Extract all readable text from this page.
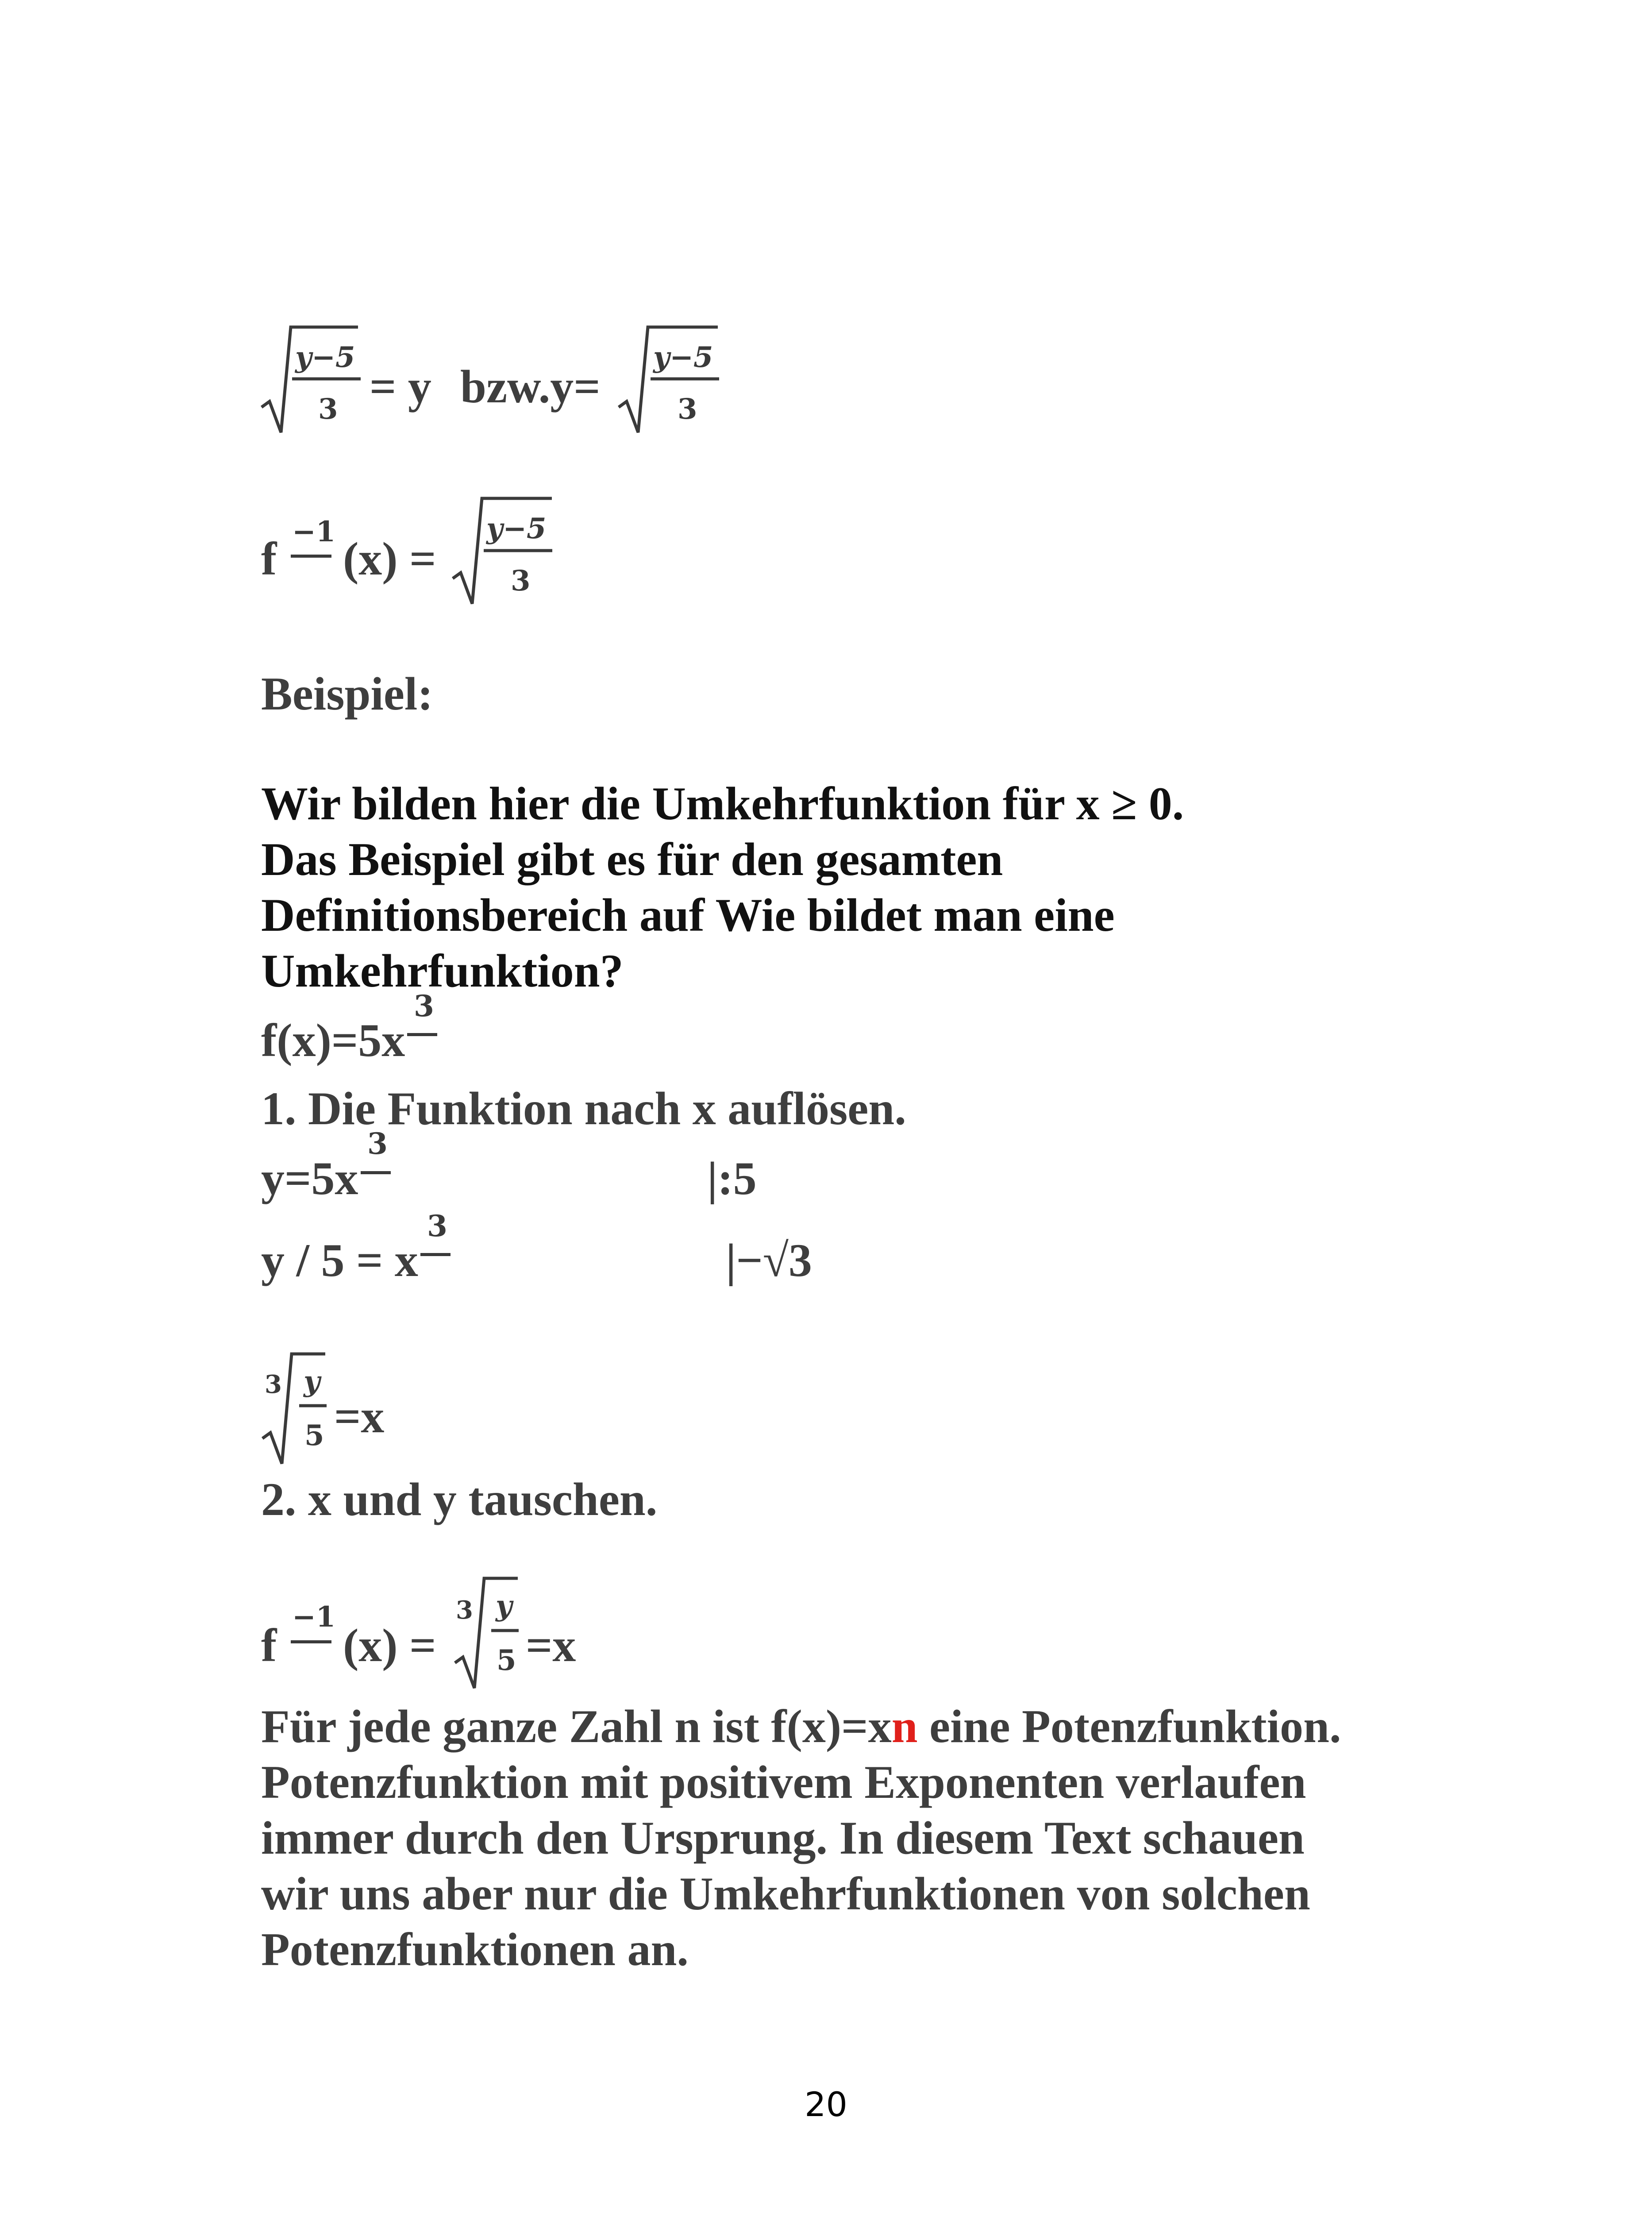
y−5
3 = y bzw.y=
y−5
3
f
−1
(x) =
y−5
3
Beispiel:
Wir bilden hier die Umkehrfunktion für x ≥ 0.
Das Beispiel gibt es für den gesamten
Definitionsbereich auf Wie bildet man eine
Umkehrfunktion?
f(x)=5x
3
1. Die Funktion nach x auflösen.
y=5x
3
|:5
y / 5 = x
3
|−√3
3 y
5 =x
2. x und y tauschen.
f
−1
(x) =
3 y
5 =x
Für jede ganze Zahl n ist f(x)=xn eine Potenzfunktion.
Potenzfunktion mit positivem Exponenten verlaufen
immer durch den Ursprung. In diesem Text schauen
wir uns aber nur die Umkehrfunktionen von solchen
Potenzfunktionen an.
20
